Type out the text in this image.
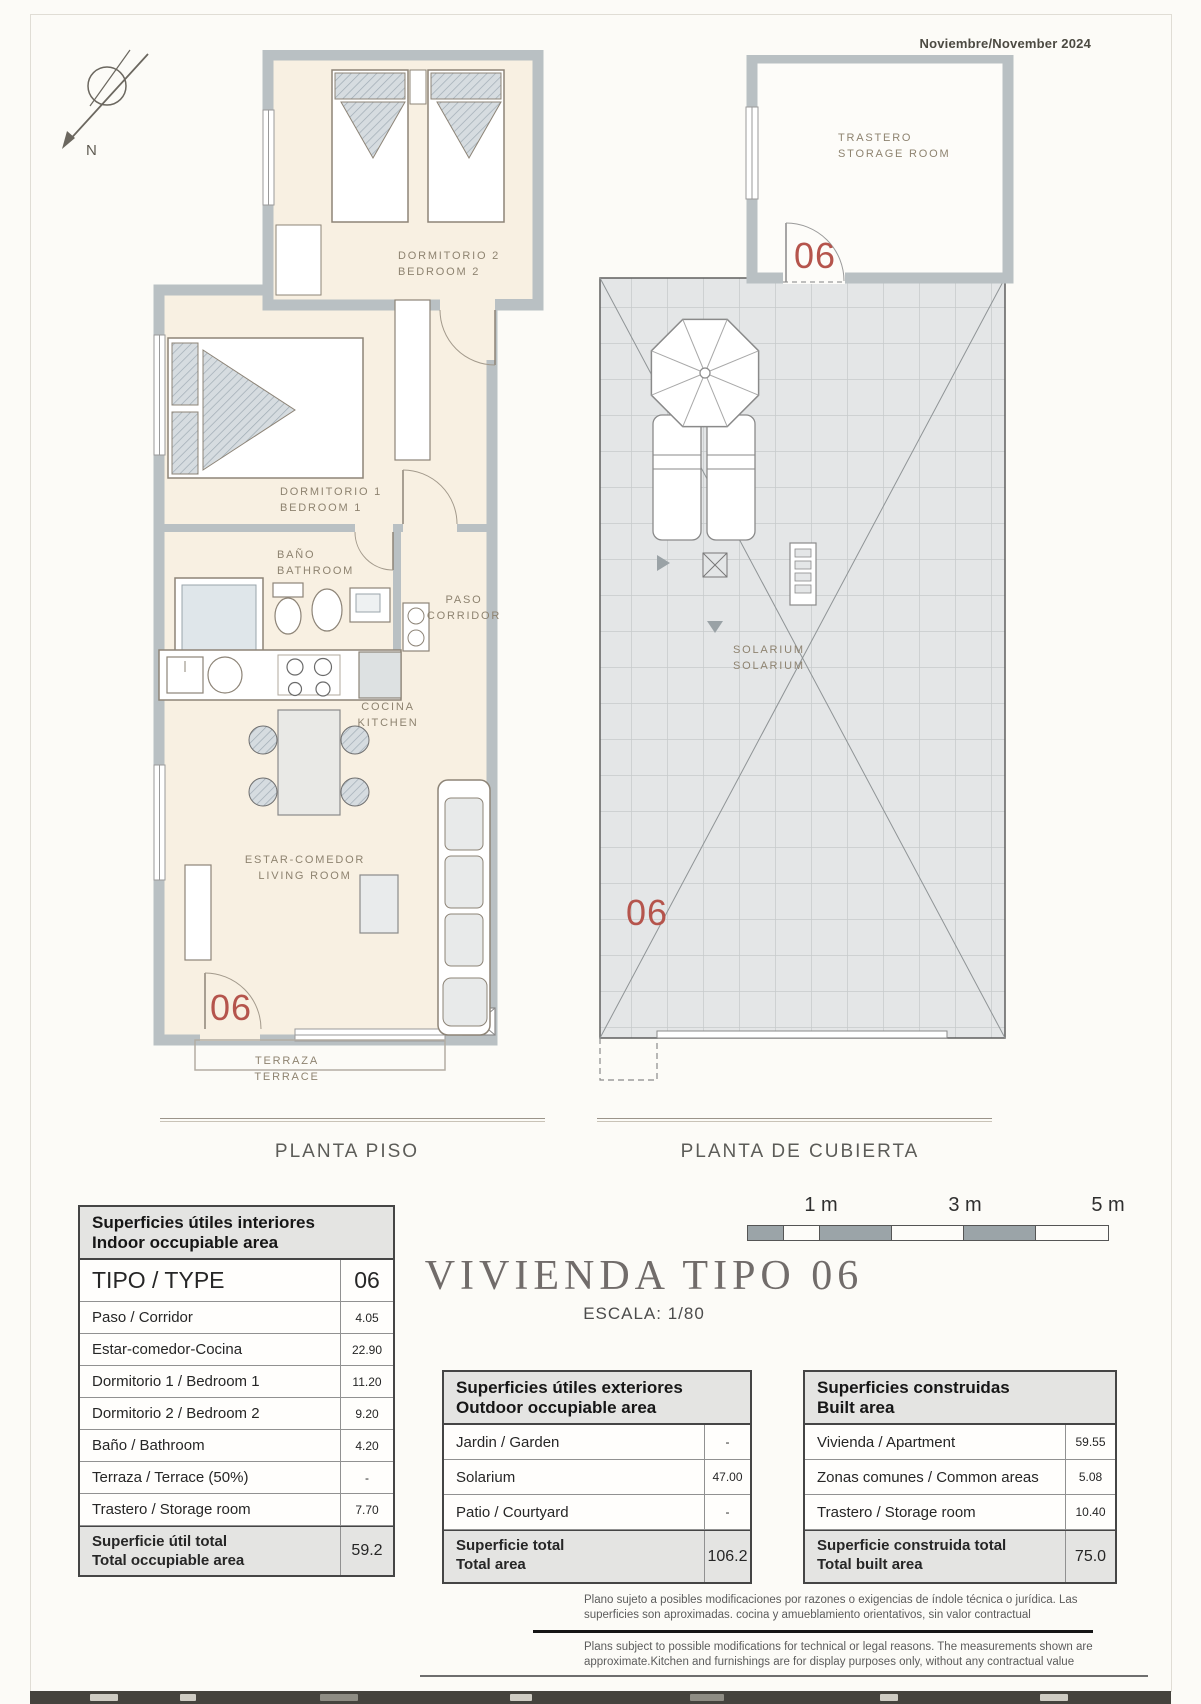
Noviembre/November 2024
N
DORMITORIO 2
BEDROOM 2
DORMITORIO 1
BEDROOM 1
BAÑO
BATHROOM
PASO
CORRIDOR
COCINA
KITCHEN
ESTAR-COMEDOR
LIVING ROOM
TERRAZA
TERRACE
06
TRASTERO
STORAGE ROOM
SOLARIUM
SOLARIUM
06
06
PLANTA PISO	PLANTA DE CUBIERTA
1 m	3 m	5 m
VIVIENDA TIPO 06
ESCALA: 1/80
Superficies útiles interiores
Indoor occupiable area
TIPO / TYPE	06
Paso / Corridor	4.05
Estar-comedor-Cocina	22.90
Dormitorio 1 / Bedroom 1	11.20
Dormitorio 2 / Bedroom 2	9.20
Baño / Bathroom	4.20
Terraza / Terrace (50%)	-
Trastero / Storage room	7.70
Superficie útil total
Total occupiable area
59.2
Superficies útiles exteriores
Outdoor occupiable area
Jardin / Garden	-
Solarium	47.00
Patio / Courtyard	-
Superficie total
Total area	106.2
Superficies construidas
Built area
Vivienda / Apartment	59.55
Zonas comunes / Common areas	5.08
Trastero / Storage room	10.40
Superficie construida total
Total built area	75.0
Plano sujeto a posibles modificaciones por razones o exigencias de índole técnica o jurídica. Las superficies son aproximadas. cocina y amueblamiento orientativos, sin valor contractual
Plans subject to possible modifications for technical or legal reasons. The measurements shown are approximate.Kitchen and furnishings are for display purposes only, without any contractual value
